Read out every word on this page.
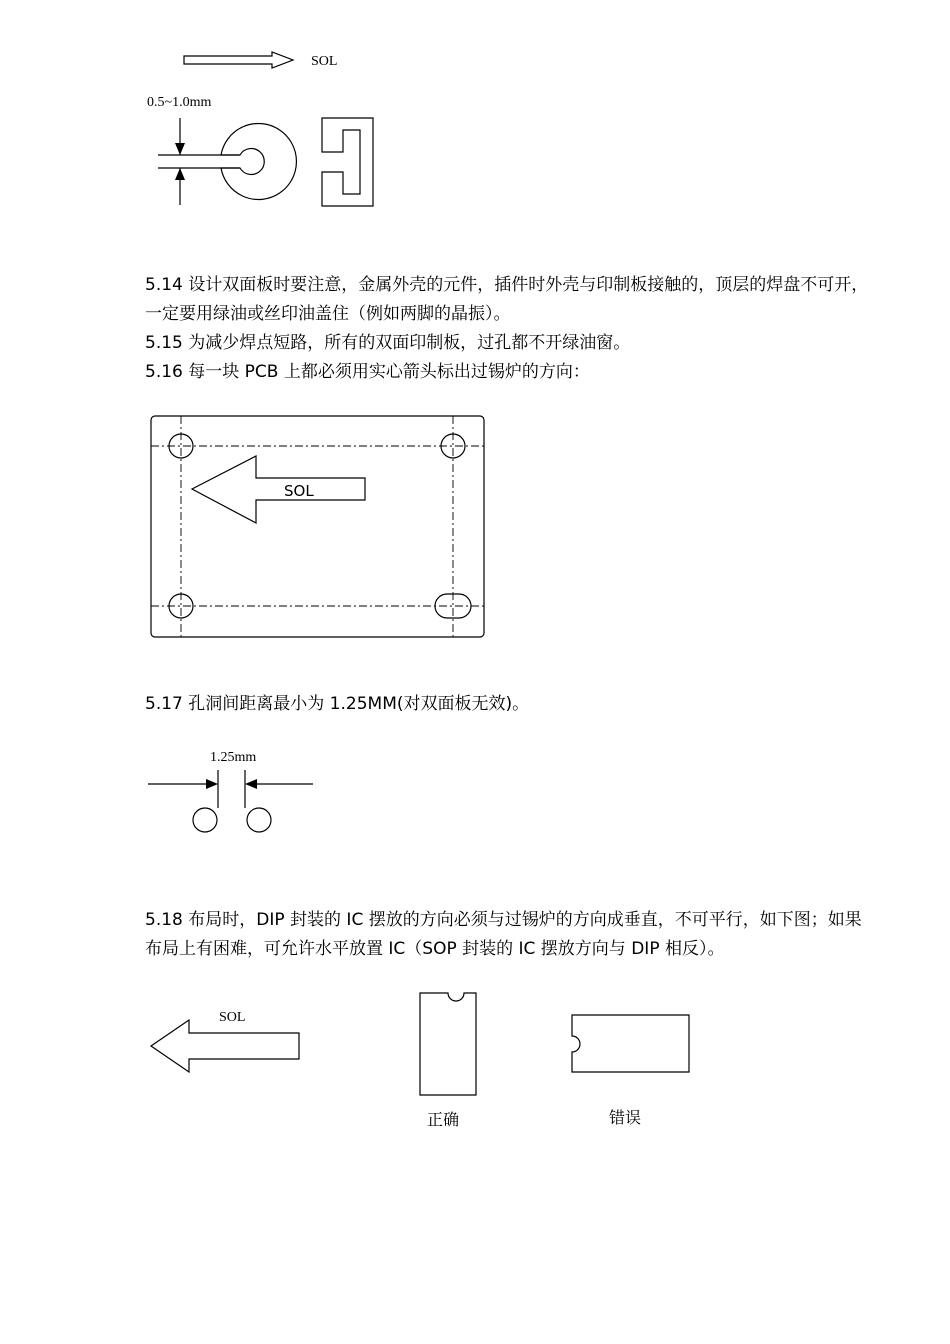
SOL
0.5~1.0mm
5.14 设计双面板时要注意，金属外壳的元件，插件时外壳与印制板接触的，顶层的焊盘不可开，一定要用绿油或丝印油盖住（例如两脚的晶振）。
5.15 为减少焊点短路，所有的双面印制板，过孔都不开绿油窗。
5.16 每一块 PCB 上都必须用实心箭头标出过锡炉的方向：
SOL
5.17 孔洞间距离最小为 1.25MM(对双面板无效)。
1.25mm
5.18 布局时，DIP 封装的 IC 摆放的方向必须与过锡炉的方向成垂直，不可平行，如下图；如果布局上有困难，可允许水平放置 IC（SOP 封装的 IC 摆放方向与 DIP 相反）。
SOL
正确	错误
